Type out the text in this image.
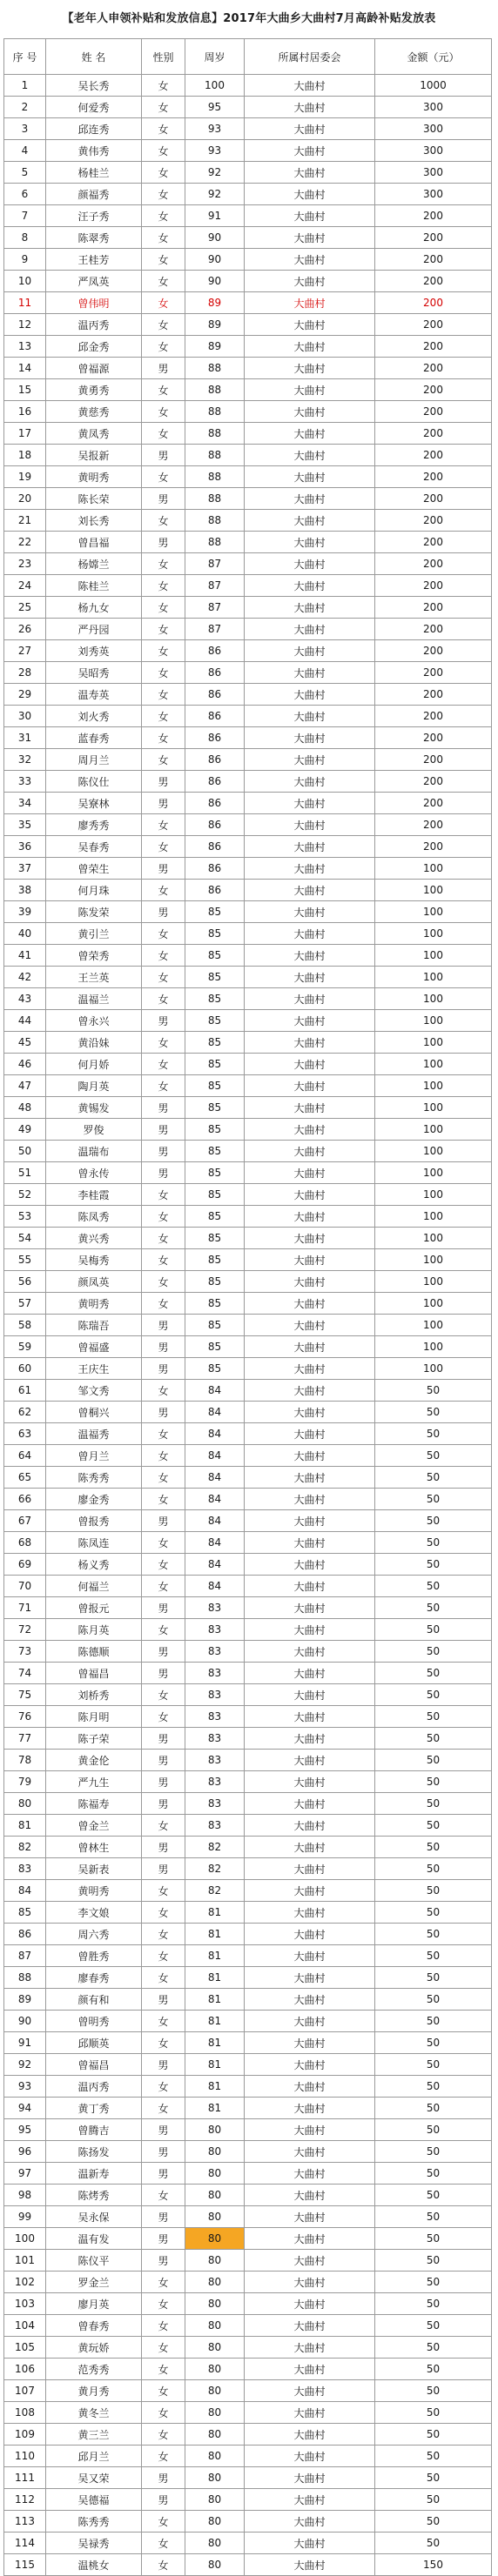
【老年人申领补贴和发放信息】2017年大曲乡大曲村7月高龄补贴发放表
序 号	姓 名	性别	周岁	所属村居委会	金额（元）
1	吴长秀	女	100	大曲村	1000
2	何爱秀	女	95	大曲村	300
3	邱连秀	女	93	大曲村	300
4	黄伟秀	女	93	大曲村	300
5	杨桂兰	女	92	大曲村	300
6	颜福秀	女	92	大曲村	300
7	汪子秀	女	91	大曲村	200
8	陈翠秀	女	90	大曲村	200
9	王桂芳	女	90	大曲村	200
10	严凤英	女	90	大曲村	200
11	曾伟明	女	89	大曲村	200
12	温丙秀	女	89	大曲村	200
13	邱金秀	女	89	大曲村	200
14	曾福源	男	88	大曲村	200
15	黄勇秀	女	88	大曲村	200
16	黄慈秀	女	88	大曲村	200
17	黄凤秀	女	88	大曲村	200
18	吴报新	男	88	大曲村	200
19	黄明秀	女	88	大曲村	200
20	陈长荣	男	88	大曲村	200
21	刘长秀	女	88	大曲村	200
22	曾昌福	男	88	大曲村	200
23	杨嫦兰	女	87	大曲村	200
24	陈桂兰	女	87	大曲村	200
25	杨九女	女	87	大曲村	200
26	严丹园	女	87	大曲村	200
27	刘秀英	女	86	大曲村	200
28	吴昭秀	女	86	大曲村	200
29	温寿英	女	86	大曲村	200
30	刘火秀	女	86	大曲村	200
31	蓝春秀	女	86	大曲村	200
32	周月兰	女	86	大曲村	200
33	陈仪仕	男	86	大曲村	200
34	吴寮林	男	86	大曲村	200
35	廖秀秀	女	86	大曲村	200
36	吴春秀	女	86	大曲村	200
37	曾荣生	男	86	大曲村	100
38	何月珠	女	86	大曲村	100
39	陈发荣	男	85	大曲村	100
40	黄引兰	女	85	大曲村	100
41	曾荣秀	女	85	大曲村	100
42	王兰英	女	85	大曲村	100
43	温福兰	女	85	大曲村	100
44	曾永兴	男	85	大曲村	100
45	黄沿妹	女	85	大曲村	100
46	何月娇	女	85	大曲村	100
47	陶月英	女	85	大曲村	100
48	黄锡发	男	85	大曲村	100
49	罗俊	男	85	大曲村	100
50	温瑞布	男	85	大曲村	100
51	曾永传	男	85	大曲村	100
52	李桂霞	女	85	大曲村	100
53	陈凤秀	女	85	大曲村	100
54	黄兴秀	女	85	大曲村	100
55	吴梅秀	女	85	大曲村	100
56	颜凤英	女	85	大曲村	100
57	黄明秀	女	85	大曲村	100
58	陈瑞吾	男	85	大曲村	100
59	曾福盛	男	85	大曲村	100
60	王庆生	男	85	大曲村	100
61	邹文秀	女	84	大曲村	50
62	曾桐兴	男	84	大曲村	50
63	温福秀	女	84	大曲村	50
64	曾月兰	女	84	大曲村	50
65	陈秀秀	女	84	大曲村	50
66	廖金秀	女	84	大曲村	50
67	曾报秀	男	84	大曲村	50
68	陈凤连	女	84	大曲村	50
69	杨义秀	女	84	大曲村	50
70	何福兰	女	84	大曲村	50
71	曾报元	男	83	大曲村	50
72	陈月英	女	83	大曲村	50
73	陈德顺	男	83	大曲村	50
74	曾福昌	男	83	大曲村	50
75	刘桥秀	女	83	大曲村	50
76	陈月明	女	83	大曲村	50
77	陈子荣	男	83	大曲村	50
78	黄金伦	男	83	大曲村	50
79	严九生	男	83	大曲村	50
80	陈福寿	男	83	大曲村	50
81	曾金兰	女	83	大曲村	50
82	曾林生	男	82	大曲村	50
83	吴新表	男	82	大曲村	50
84	黄明秀	女	82	大曲村	50
85	李文娘	女	81	大曲村	50
86	周六秀	女	81	大曲村	50
87	曾胜秀	女	81	大曲村	50
88	廖春秀	女	81	大曲村	50
89	颜有和	男	81	大曲村	50
90	曾明秀	女	81	大曲村	50
91	邱顺英	女	81	大曲村	50
92	曾福昌	男	81	大曲村	50
93	温丙秀	女	81	大曲村	50
94	黄丁秀	女	81	大曲村	50
95	曾腾吉	男	80	大曲村	50
96	陈扬发	男	80	大曲村	50
97	温新寿	男	80	大曲村	50
98	陈烤秀	女	80	大曲村	50
99	吴永保	男	80	大曲村	50
100	温有发	男	80	大曲村	50
101	陈仪平	男	80	大曲村	50
102	罗金兰	女	80	大曲村	50
103	廖月英	女	80	大曲村	50
104	曾春秀	女	80	大曲村	50
105	黄玩娇	女	80	大曲村	50
106	范秀秀	女	80	大曲村	50
107	黄月秀	女	80	大曲村	50
108	黄冬兰	女	80	大曲村	50
109	黄三兰	女	80	大曲村	50
110	邱月兰	女	80	大曲村	50
111	吴又荣	男	80	大曲村	50
112	吴德福	男	80	大曲村	50
113	陈秀秀	女	80	大曲村	50
114	吴禄秀	女	80	大曲村	50
115	温桃女	女	80	大曲村	150
